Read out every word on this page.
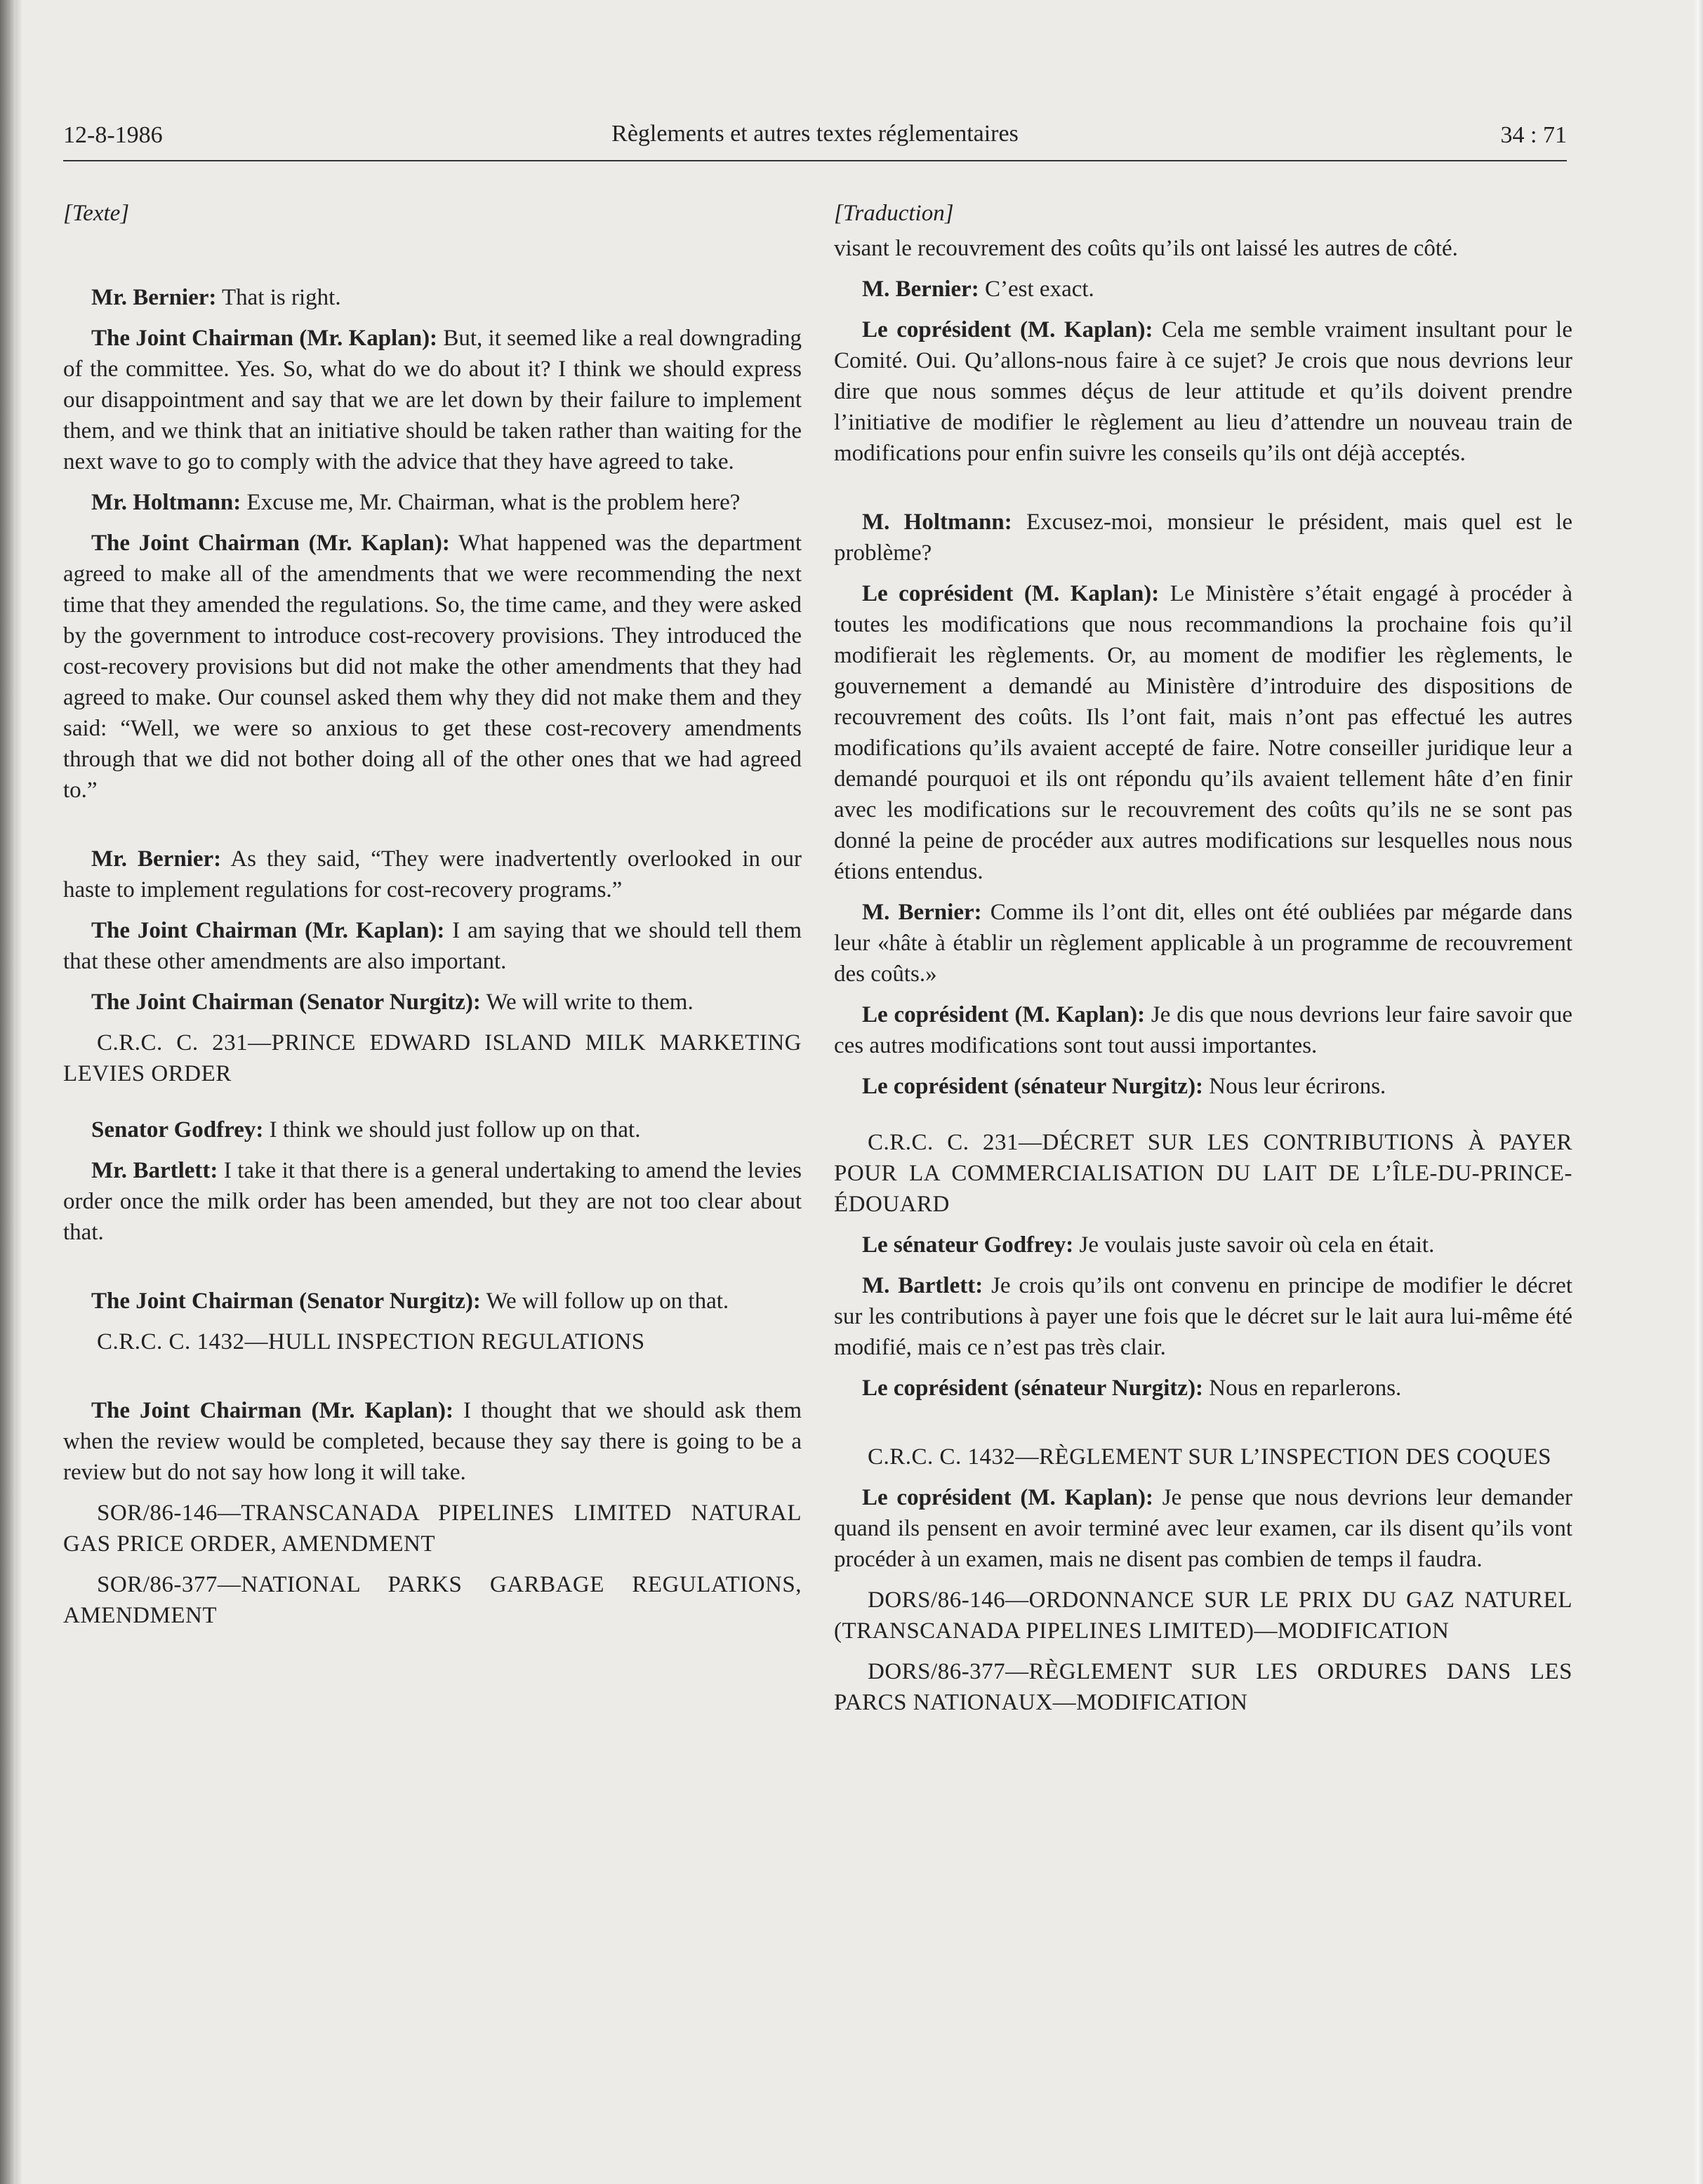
12-8-1986	Règlements et autres textes réglementaires	34 : 71

[Texte]

Mr. Bernier: That is right.

The Joint Chairman (Mr. Kaplan): But, it seemed like a real downgrading of the committee. Yes. So, what do we do about it? I think we should express our disappointment and say that we are let down by their failure to implement them, and we think that an initiative should be taken rather than waiting for the next wave to go to comply with the advice that they have agreed to take.

Mr. Holtmann: Excuse me, Mr. Chairman, what is the problem here?

The Joint Chairman (Mr. Kaplan): What happened was the department agreed to make all of the amendments that we were recommending the next time that they amended the regulations. So, the time came, and they were asked by the government to introduce cost-recovery provisions. They introduced the cost-recovery provisions but did not make the other amendments that they had agreed to make. Our counsel asked them why they did not make them and they said: “Well, we were so anxious to get these cost-recovery amendments through that we did not bother doing all of the other ones that we had agreed to.”

Mr. Bernier: As they said, “They were inadvertently overlooked in our haste to implement regulations for cost-recovery programs.”

The Joint Chairman (Mr. Kaplan): I am saying that we should tell them that these other amendments are also important.

The Joint Chairman (Senator Nurgitz): We will write to them.

C.R.C. C. 231—PRINCE EDWARD ISLAND MILK MARKETING LEVIES ORDER

Senator Godfrey: I think we should just follow up on that.

Mr. Bartlett: I take it that there is a general undertaking to amend the levies order once the milk order has been amended, but they are not too clear about that.

The Joint Chairman (Senator Nurgitz): We will follow up on that.

C.R.C. C. 1432—HULL INSPECTION REGULATIONS

The Joint Chairman (Mr. Kaplan): I thought that we should ask them when the review would be completed, because they say there is going to be a review but do not say how long it will take.

SOR/86-146—TRANSCANADA PIPELINES LIMITED NATURAL GAS PRICE ORDER, AMENDMENT

SOR/86-377—NATIONAL PARKS GARBAGE REGULATIONS, AMENDMENT

[Traduction]

visant le recouvrement des coûts qu’ils ont laissé les autres de côté.

M. Bernier: C’est exact.

Le coprésident (M. Kaplan): Cela me semble vraiment insultant pour le Comité. Oui. Qu’allons-nous faire à ce sujet? Je crois que nous devrions leur dire que nous sommes déçus de leur attitude et qu’ils doivent prendre l’initiative de modifier le règlement au lieu d’attendre un nouveau train de modifications pour enfin suivre les conseils qu’ils ont déjà acceptés.

M. Holtmann: Excusez-moi, monsieur le président, mais quel est le problème?

Le coprésident (M. Kaplan): Le Ministère s’était engagé à procéder à toutes les modifications que nous recommandions la prochaine fois qu’il modifierait les règlements. Or, au moment de modifier les règlements, le gouvernement a demandé au Ministère d’introduire des dispositions de recouvrement des coûts. Ils l’ont fait, mais n’ont pas effectué les autres modifications qu’ils avaient accepté de faire. Notre conseiller juridique leur a demandé pourquoi et ils ont répondu qu’ils avaient tellement hâte d’en finir avec les modifications sur le recouvrement des coûts qu’ils ne se sont pas donné la peine de procéder aux autres modifications sur lesquelles nous nous étions entendus.

M. Bernier: Comme ils l’ont dit, elles ont été oubliées par mégarde dans leur «hâte à établir un règlement applicable à un programme de recouvrement des coûts.»

Le coprésident (M. Kaplan): Je dis que nous devrions leur faire savoir que ces autres modifications sont tout aussi importantes.

Le coprésident (sénateur Nurgitz): Nous leur écrirons.

C.R.C. C. 231—DÉCRET SUR LES CONTRIBUTIONS À PAYER POUR LA COMMERCIALISATION DU LAIT DE L’ÎLE-DU-PRINCE-ÉDOUARD

Le sénateur Godfrey: Je voulais juste savoir où cela en était.

M. Bartlett: Je crois qu’ils ont convenu en principe de modifier le décret sur les contributions à payer une fois que le décret sur le lait aura lui-même été modifié, mais ce n’est pas très clair.

Le coprésident (sénateur Nurgitz): Nous en reparlerons.

C.R.C. C. 1432—RÈGLEMENT SUR L’INSPECTION DES COQUES

Le coprésident (M. Kaplan): Je pense que nous devrions leur demander quand ils pensent en avoir terminé avec leur examen, car ils disent qu’ils vont procéder à un examen, mais ne disent pas combien de temps il faudra.

DORS/86-146—ORDONNANCE SUR LE PRIX DU GAZ NATUREL (TRANSCANADA PIPELINES LIMITED)—MODIFICATION

DORS/86-377—RÈGLEMENT SUR LES ORDURES DANS LES PARCS NATIONAUX—MODIFICATION
